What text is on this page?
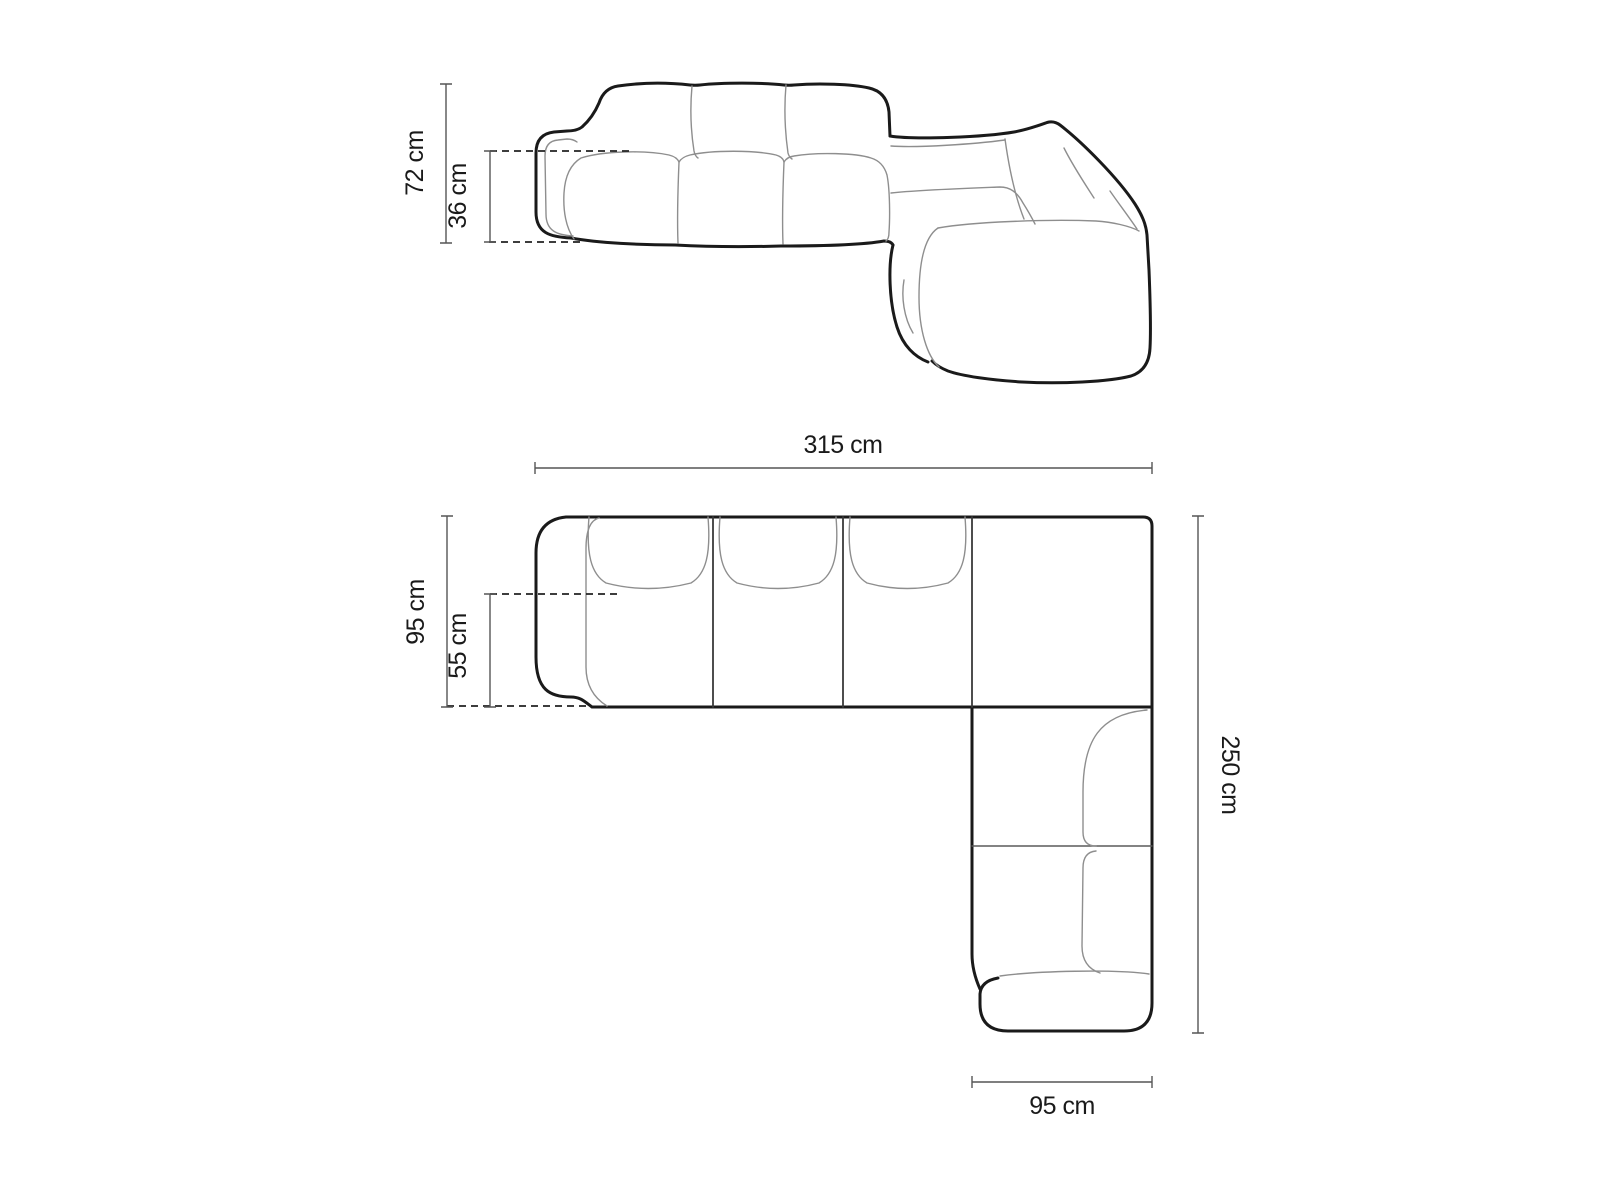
72 cm
36 cm
315 cm
95 cm
55 cm
250 cm
95 cm
